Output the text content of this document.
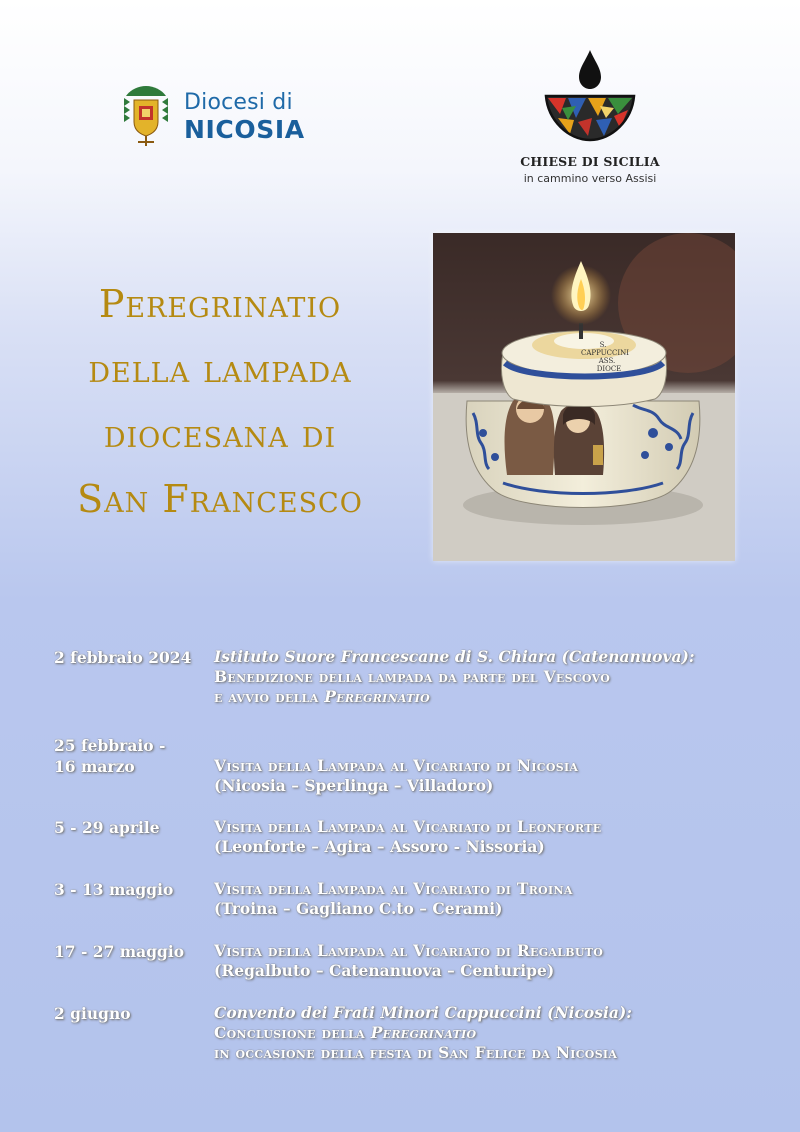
Diocesi di
NICOSIA
CHIESE DI SICILIA
in cammino verso Assisi
Peregrinatio
della lampada
diocesana di
San Francesco
S.
CAPPUCCINI
ASS.
DIOCE
2 febbraio 2024	Istituto Suore Francescane di S. Chiara (Catenanuova):
Benedizione della lampada da parte del Vescovo
e avvio della Peregrinatio
25 febbraio -
16 marzo	Visita della Lampada al Vicariato di Nicosia
(Nicosia – Sperlinga – Villadoro)
5 - 29 aprile	Visita della Lampada al Vicariato di Leonforte
(Leonforte – Agira – Assoro - Nissoria)
3 - 13 maggio	Visita della Lampada al Vicariato di Troina
(Troina – Gagliano C.to – Cerami)
17 - 27 maggio	Visita della Lampada al Vicariato di Regalbuto
(Regalbuto – Catenanuova – Centuripe)
2 giugno	Convento dei Frati Minori Cappuccini (Nicosia):
Conclusione della Peregrinatio
in occasione della festa di San Felice da Nicosia
